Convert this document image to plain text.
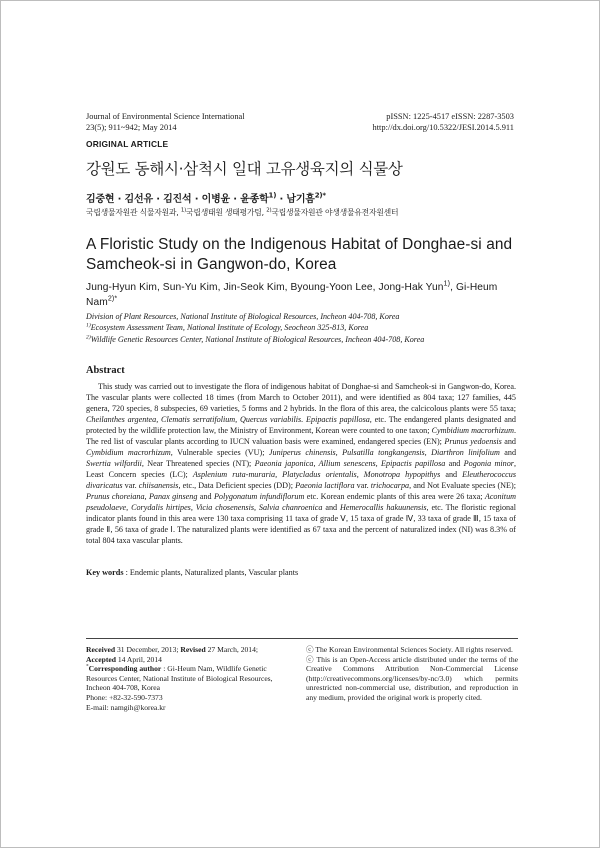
Journal of Environmental Science International
23(5); 911~942; May 2014
pISSN: 1225-4517 eISSN: 2287-3503
http://dx.doi.org/10.5322/JESI.2014.5.911
ORIGINAL ARTICLE
강원도 동해시·삼척시 일대 고유생육지의 식물상
김중현 · 김선유 · 김진석 · 이병윤 · 윤종학$^{1)}$ · 남기흠$^{2)*}$
국립생물자원관 식물자원과, $^{1)}$국립생태원 생태평가팀, $^{2)}$국립생물자원관 야생생물유전자원센터
A Floristic Study on the Indigenous Habitat of Donghae-si and Samcheok-si in Gangwon-do, Korea
Jung-Hyun Kim, Sun-Yu Kim, Jin-Seok Kim, Byoung-Yoon Lee, Jong-Hak Yun$^{1)}$, Gi-Heum Nam$^{2)*}$
Division of Plant Resources, National Institute of Biological Resources, Incheon 404-708, Korea
$^{1)}$Ecosystem Assessment Team, National Institute of Ecology, Seocheon 325-813, Korea
$^{2)}$Wildlife Genetic Resources Center, National Institute of Biological Resources, Incheon 404-708, Korea
Abstract
This study was carried out to investigate the flora of indigenous habitat of Donghae-si and Samcheok-si in Gangwon-do, Korea. The vascular plants were collected 18 times (from March to October 2011), and were identified as 804 taxa; 127 families, 445 genera, 720 species, 8 subspecies, 69 varieties, 5 forms and 2 hybrids. In the flora of this area, the calcicolous plants were 55 taxa; Cheilanthes argentea, Clematis serratifolium, Quercus variabilis. Epipactis papillosa, etc. The endangered plants designated and protected by the wildlife protection law, the Ministry of Environment, Korean were counted to one taxon; Cymbidium macrorhizum. The red list of vascular plants according to IUCN valuation basis were examined, endangered species (EN); Prunus yedoensis and Cymbidium macrorhizum, Vulnerable species (VU); Juniperus chinensis, Pulsatilla tongkangensis, Diarthron linifolium and Swertia wilfordii, Near Threatened species (NT); Paeonia japonica, Allium senescens, Epipactis papillosa and Pogonia minor, Least Concern species (LC); Asplenium ruta-muraria, Platycladus orientalis, Monotropa hypopithys and Eleutherococcus divaricatus var. chiisanensis, etc., Data Deficient species (DD); Paeonia lactiflora var. trichocarpa, and Not Evaluate species (NE); Prunus choreiana, Panax ginseng and Polygonatum infundiflorum etc. Korean endemic plants of this area were 26 taxa; Aconitum pseudolaeve, Corydalis hirtipes, Vicia chosenensis, Salvia chanroenica and Hemerocallis hakuunensis, etc. The floristic regional indicator plants found in this area were 130 taxa comprising 11 taxa of grade Ⅴ, 15 taxa of grade Ⅳ, 33 taxa of grade Ⅲ, 15 taxa of grade Ⅱ, 56 taxa of grade Ⅰ. The naturalized plants were identified as 67 taxa and the percent of naturalized index (NI) was 8.3% of total 804 taxa vascular plants.
Key words : Endemic plants, Naturalized plants, Vascular plants
Received 31 December, 2013; Revised 27 March, 2014;
Accepted 14 April, 2014
*Corresponding author : Gi-Heum Nam, Wildlife Genetic Resources Center, National Institute of Biological Resources, Incheon 404-708, Korea
Phone: +82-32-590-7373
E-mail: namgih@korea.kr
ⓒ The Korean Environmental Sciences Society. All rights reserved.
ⓒ This is an Open-Access article distributed under the terms of the Creative Commons Attribution Non-Commercial License (http://creativecommons.org/licenses/by-nc/3.0) which permits unrestricted non-commercial use, distribution, and reproduction in any medium, provided the original work is properly cited.
